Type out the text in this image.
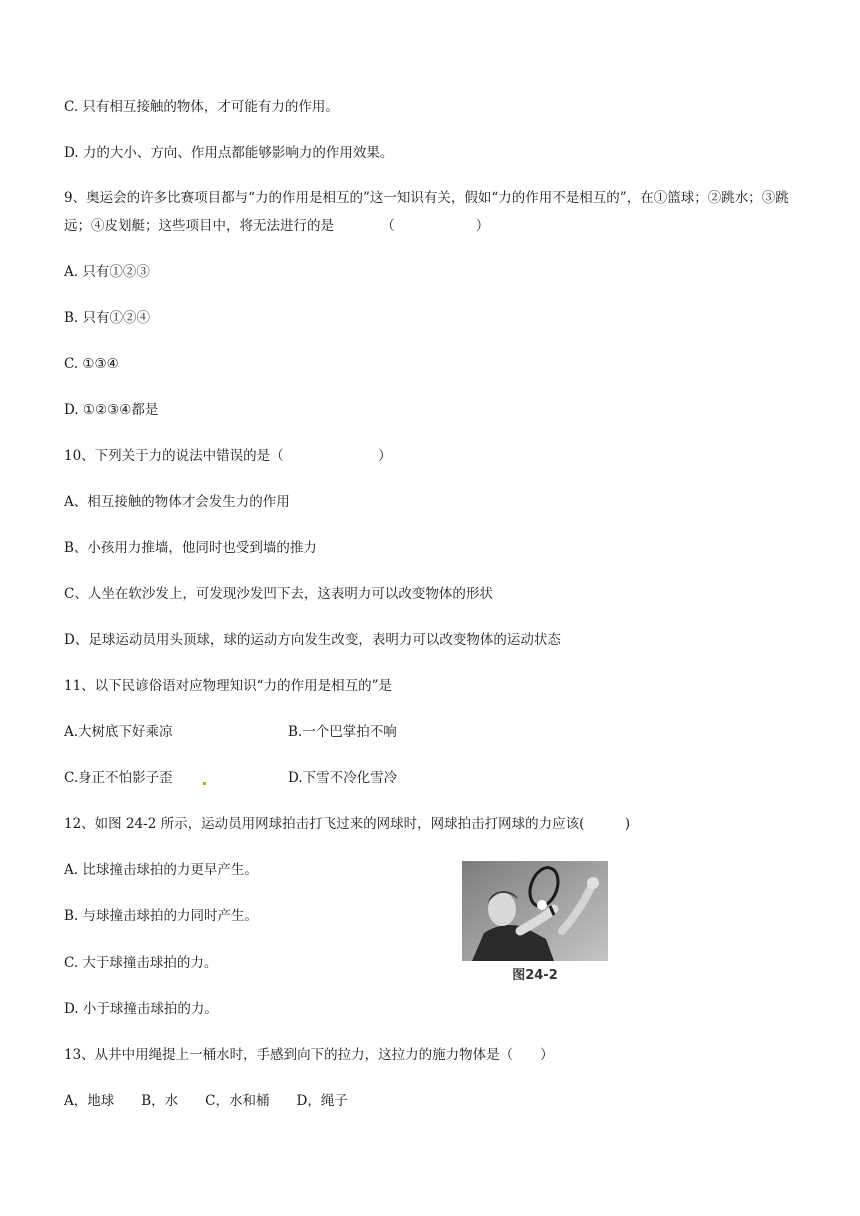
C. 只有相互接触的物体，才可能有力的作用。
D. 力的大小、方向、作用点都能够影响力的作用效果。
9、奥运会的许多比赛项目都与“力的作用是相互的”这一知识有关，假如“力的作用不是相互的”，在①篮球；②跳水；③跳远；④皮划艇；这些项目中，将无法进行的是　　　　（　　　　　　）
A. 只有①②③
B. 只有①②④
C. ①③④
D. ①②③④都是
10、下列关于力的说法中错误的是（　　　　　　　）
A、相互接触的物体才会发生力的作用
B、小孩用力推墙，他同时也受到墙的推力
C、人坐在软沙发上，可发现沙发凹下去，这表明力可以改变物体的形状
D、足球运动员用头顶球，球的运动方向发生改变，表明力可以改变物体的运动状态
11、以下民谚俗语对应物理知识“力的作用是相互的”是
A.大树底下好乘凉	B.一个巴掌拍不响
C.身正不怕影子歪	D.下雪不冷化雪冷
12、如图 24-2 所示，运动员用网球拍击打飞过来的网球时，网球拍击打网球的力应该(　　　)
A. 比球撞击球拍的力更早产生。
B. 与球撞击球拍的力同时产生。
C. 大于球撞击球拍的力。
D. 小于球撞击球拍的力。
图24-2
13、从井中用绳提上一桶水时，手感到向下的拉力，这拉力的施力物体是（　　）
A，地球　　B，水　　C，水和桶　　D，绳子
